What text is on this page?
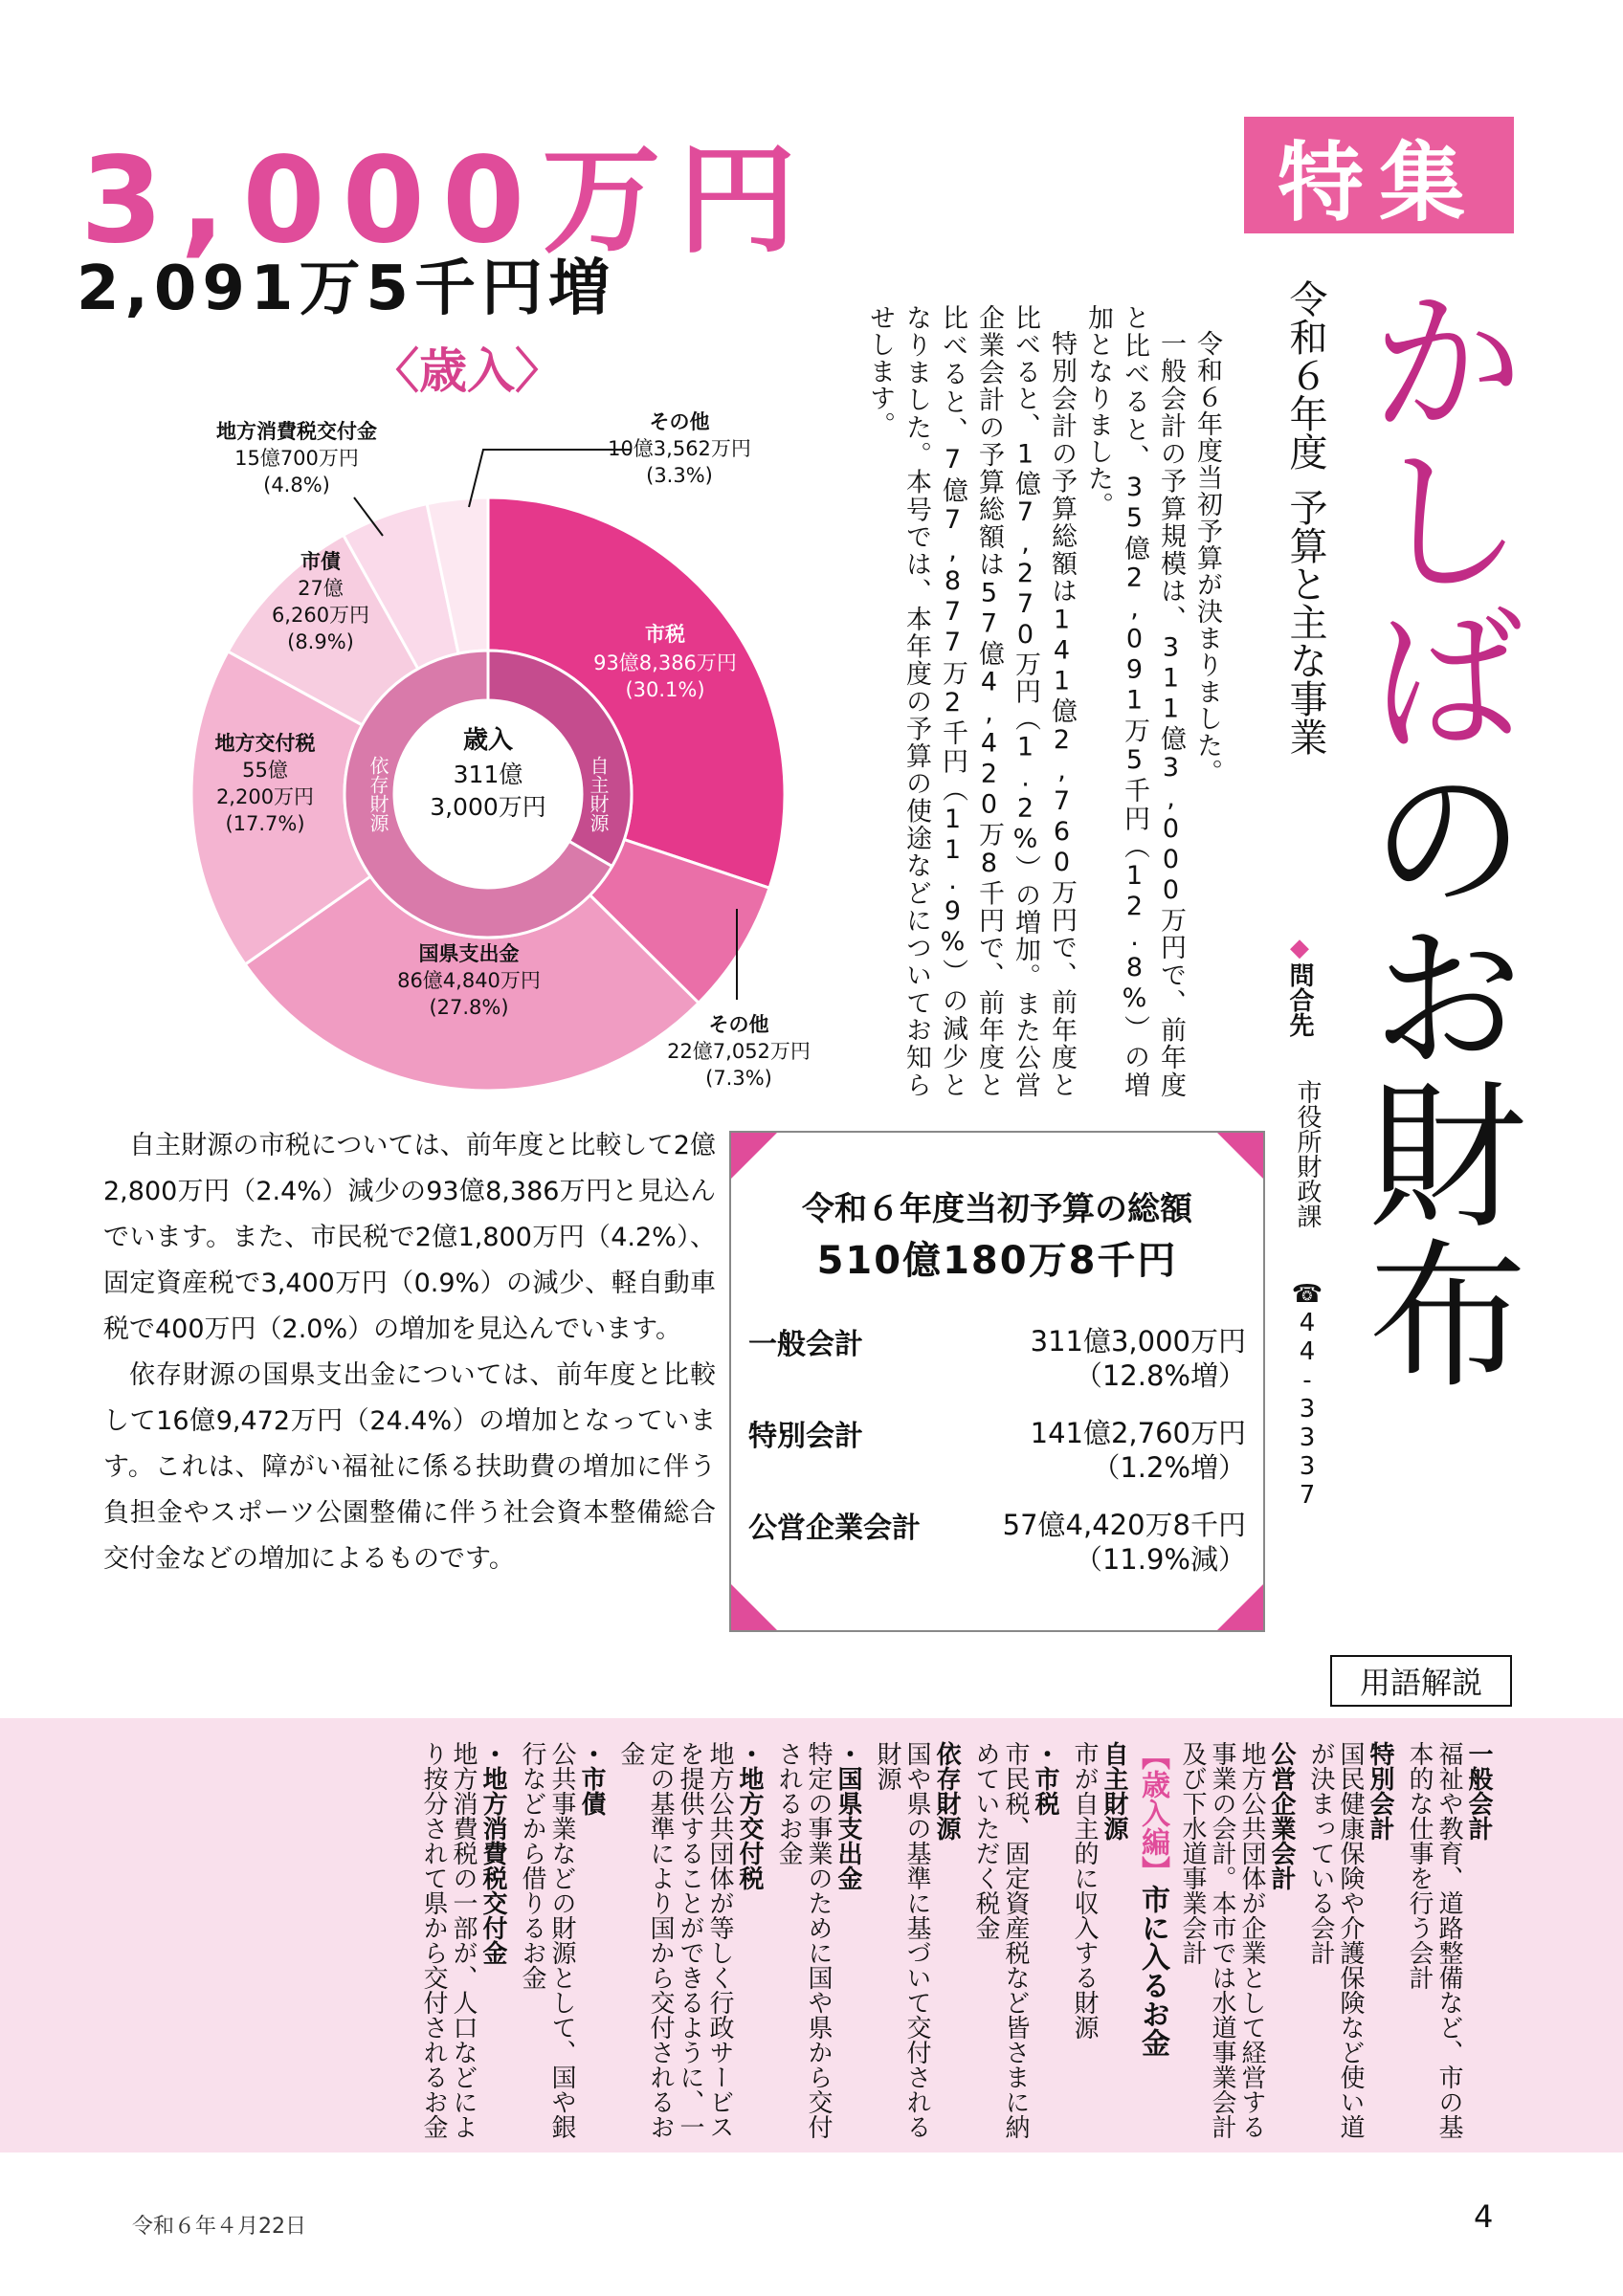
3,000万円
2,091万5千円増
〈歳入〉
特集
かしばのお財布
令和６年度
予算と主な事業
◆問合先
市役所財政課
☎44-3337

令和６年度当初予算が決まりました。

一般会計の予算規模は、311億3,000万円で、前年度と比べると、35億2,091万5千円（12.8%）の増加となりました。

特別会計の予算総額は141億2,760万円で、前年度と比べると、1億7,270万円（1.2%）の増加。また公営企業会計の予算総額は57億4,420万8千円で、前年度と比べると、7億7,877万2千円（11.9%）の減少となりました。本号では、本年度の予算の使途などについてお知らせします。

歳入
311億
3,000万円 自主財源
依存財源
市税
93億8,386万円
(30.1%)
その他
22億7,052万円
(7.3%)
国県支出金
86億4,840万円
(27.8%)
地方交付税
55億
2,200万円
(17.7%)
市債
27億
6,260万円
(8.9%)
地方消費税交付金
15億700万円
(4.8%)
その他
10億3,562万円
(3.3%)

自主財源の市税については、前年度と比較して2億2,800万円（2.4%）減少の93億8,386万円と見込んでいます。また、市民税で2億1,800万円（4.2%）、固定資産税で3,400万円（0.9%）の減少、軽自動車税で400万円（2.0%）の増加を見込んでいます。

依存財源の国県支出金については、前年度と比較して16億9,472万円（24.4%）の増加となっています。これは、障がい福祉に係る扶助費の増加に伴う負担金やスポーツ公園整備に伴う社会資本整備総合交付金などの増加によるものです。

令和６年度当初予算の総額
510億180万8千円
一般会計	311億3,000万円
（12.8%増）
特別会計	141億2,760万円
（1.2%増）
公営企業会計	57億4,420万8千円
（11.9%減）
用語解説
一般会計
福祉や教育、道路整備など、市の基本的な仕事を行う会計
特別会計
国民健康保険や介護保険など使い道が決まっている会計
公営企業会計
地方公共団体が企業として経営する事業の会計。本市では水道事業会計及び下水道事業会計
【歳入編】市に入るお金
自主財源
市が自主的に収入する財源
・市税
市民税、固定資産税など皆さまに納めていただく税金
依存財源
国や県の基準に基づいて交付される財源
・国県支出金
特定の事業のために国や県から交付されるお金
・地方交付税
地方公共団体が等しく行政サービスを提供することができるように、一定の基準により国から交付されるお金
・市債
公共事業などの財源として、国や銀行などから借りるお金
・地方消費税交付金
地方消費税の一部が、人口などにより按分されて県から交付されるお金
令和６年４月22日	4
